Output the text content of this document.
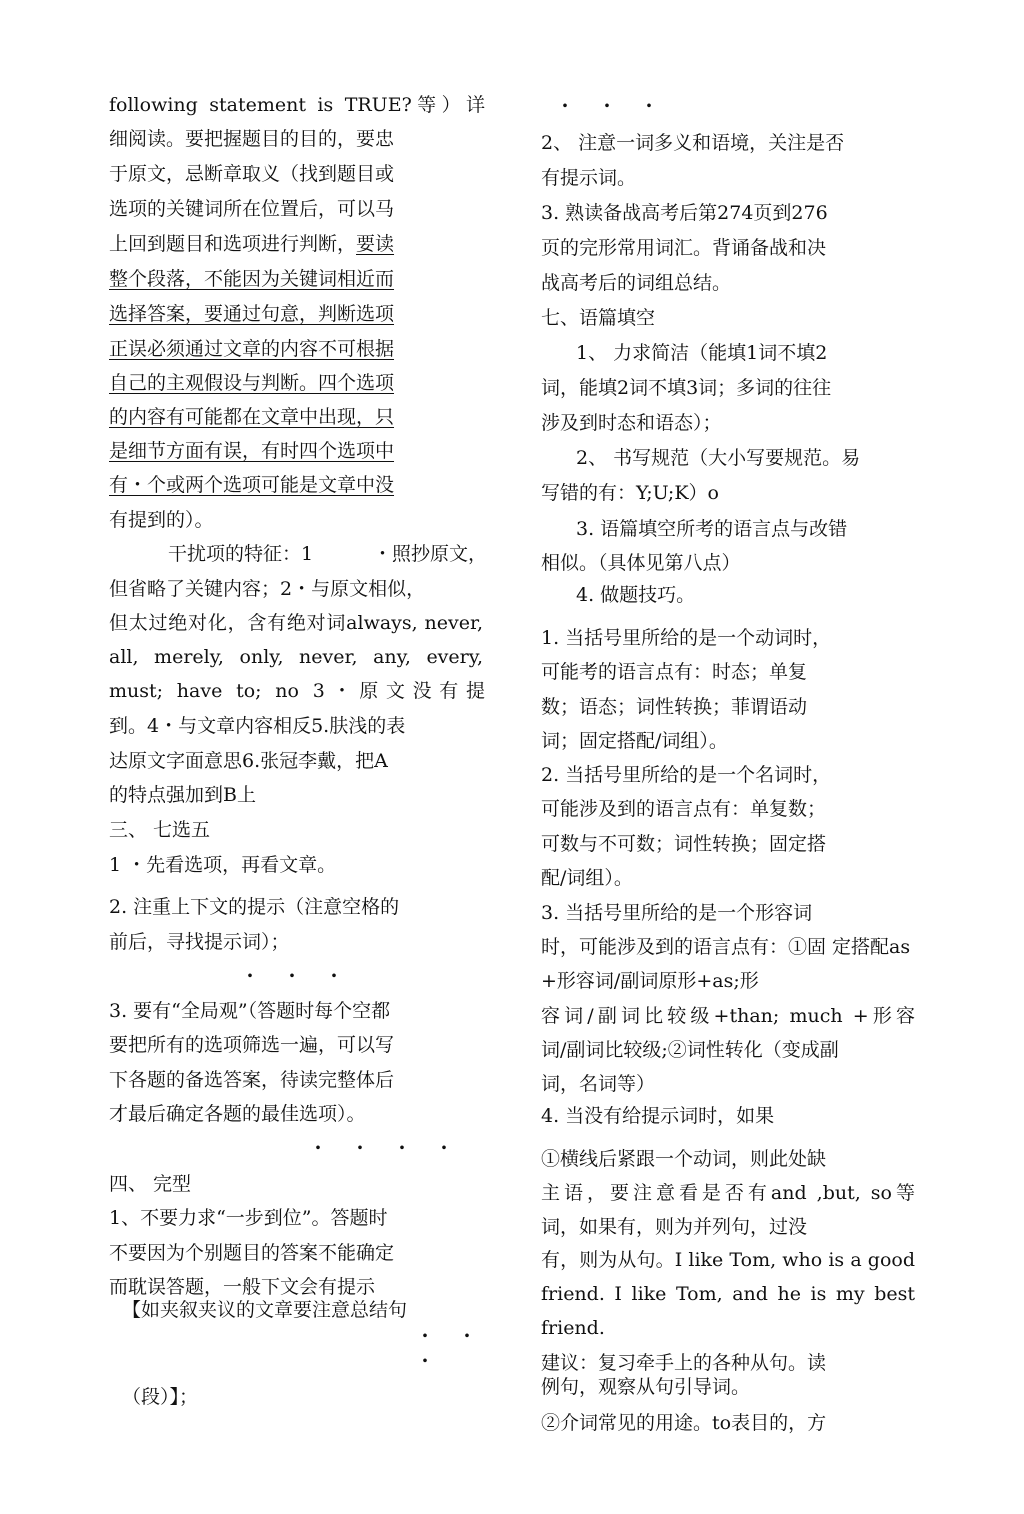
following statement is TRUE?等）详
细阅读。要把握题目的目的，要忠
于原文，忌断章取义（找到题目或
选项的关键词所在位置后，可以马
上回到题目和选项进行判断，要读
整个段落，不能因为关键词相近而
选择答案，要通过句意，判断选项
正误必须通过文章的内容不可根据
自己的主观假设与判断。四个选项
的内容有可能都在文章中出现，只
是细节方面有误，有时四个选项中
有・个或两个选项可能是文章中没
有提到的）。
干扰项的特征：1	・照抄原文，
但省略了关键内容；2・与原文相似，
但太过绝对化，含有绝对词always, never,
all, merely, only, never, any, every,
must; have to; no 3・原文没有提
到。4・与文章内容相反5.肤浅的表
达原文字面意思6.张冠李戴，把A
的特点强加到B上
三、 七选五
1 ・先看选项，再看文章。
2. 注重上下文的提示（注意空格的
前后，寻找提示词）；
・・・
3. 要有“全局观”（答题时每个空都
要把所有的选项筛选一遍，可以写
下各题的备选答案，待读完整体后
才最后确定各题的最佳选项）。
・・・・
四、 完型
1、不要力求“一步到位”。答题时
不要因为个别题目的答案不能确定
而耽误答题，一般下文会有提示
【如夹叙夹议的文章要注意总结句
・・
・
（段）】；
・・・
2、 注意一词多义和语境，关注是否
有提示词。
3. 熟读备战高考后第274页到276
页的完形常用词汇。背诵备战和决
战高考后的词组总结。
七、语篇填空
1、 力求简洁（能填1词不填2
词，能填2词不填3词；多词的往往
涉及到时态和语态）；
2、 书写规范（大小写要规范。易
写错的有：Y;U;K）o
3. 语篇填空所考的语言点与改错
相似。（具体见第八点）
4. 做题技巧。
1. 当括号里所给的是一个动词时，
可能考的语言点有：时态；单复
数；语态；词性转换；菲谓语动
词；固定搭配/词组）。
2. 当括号里所给的是一个名词时，
可能涉及到的语言点有：单复数；
可数与不可数；词性转换；固定搭
配/词组）。
3. 当括号里所给的是一个形容词
时，可能涉及到的语言点有：①固 定搭配as
+形容词/副词原形+as;形
容词/副词比较级+than; much +形容
词/副词比较级;②词性转化（变成副
词，名词等）
4. 当没有给提示词时，如果
①横线后紧跟一个动词，则此处缺
主语，要注意看是否有and ,but, so等
词，如果有，则为并列句，过没
有，则为从句。I like Tom, who is a good
friend. I like Tom, and he is my best
friend.
建议：复习牵手上的各种从句。读
例句，观察从句引导词。
②介词常见的用途。to表目的，方
